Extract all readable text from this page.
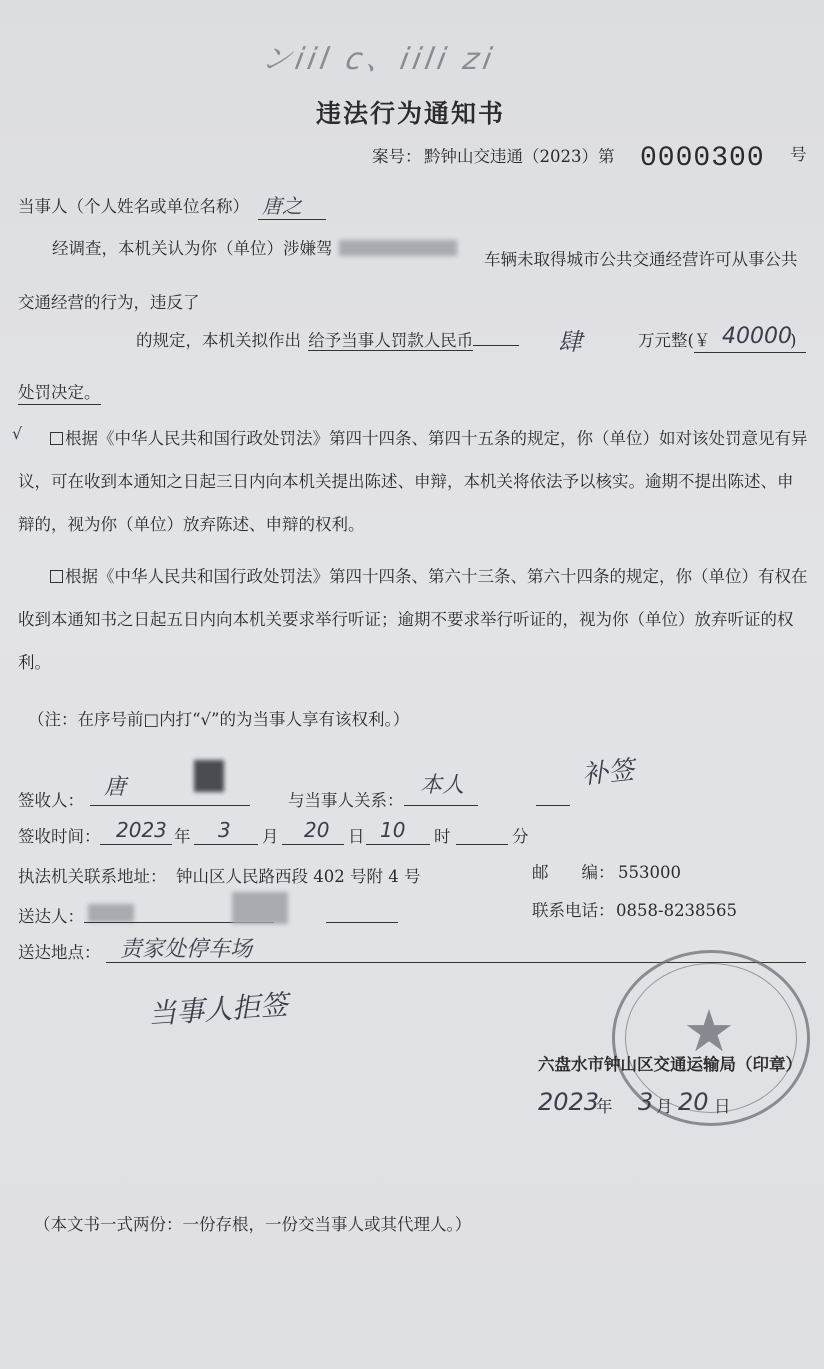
ンiil c、iili zi
违法行为通知书
案号： 黔钟山交违通（2023）第 0000300 号
当事人（个人姓名或单位名称） 唐之
经调查，本机关认为你（单位）涉嫌驾
车辆未取得城市公共交通经营许可从事公共交通经营的行为，违反了
的规定，本机关拟作出 给予当事人罚款人民币	肆	万元整(￥ 40000
)
处罚决定。
√	根据《中华人民共和国行政处罚法》第四十四条、第四十五条的规定，你（单位）如对该处罚意见有异议，可在收到本通知之日起三日内向本机关提出陈述、申辩，本机关将依法予以核实。逾期不提出陈述、申辩的，视为你（单位）放弃陈述、申辩的权利。
根据《中华人民共和国行政处罚法》第四十四条、第六十三条、第六十四条的规定，你（单位）有权在收到本通知书之日起五日内向本机关要求举行听证；逾期不要求举行听证的，视为你（单位）放弃听证的权利。
（注：在序号前□内打“√”的为当事人享有该权利。）
签收人：
唐
与当事人关系：
本人	补签
签收时间： 2023 年 3 月 20 日 10 时	分
执法机关联系地址： 钟山区人民路西段 402 号附 4 号	邮　　编： 553000
送达人：	联系电话： 0858-8238565
送达地点： 责家处停车场
当事人拒签	★
六盘水市钟山区交通运输局（印章）
2023
年 3 月 20 日
（本文书一式两份：一份存根，一份交当事人或其代理人。）
